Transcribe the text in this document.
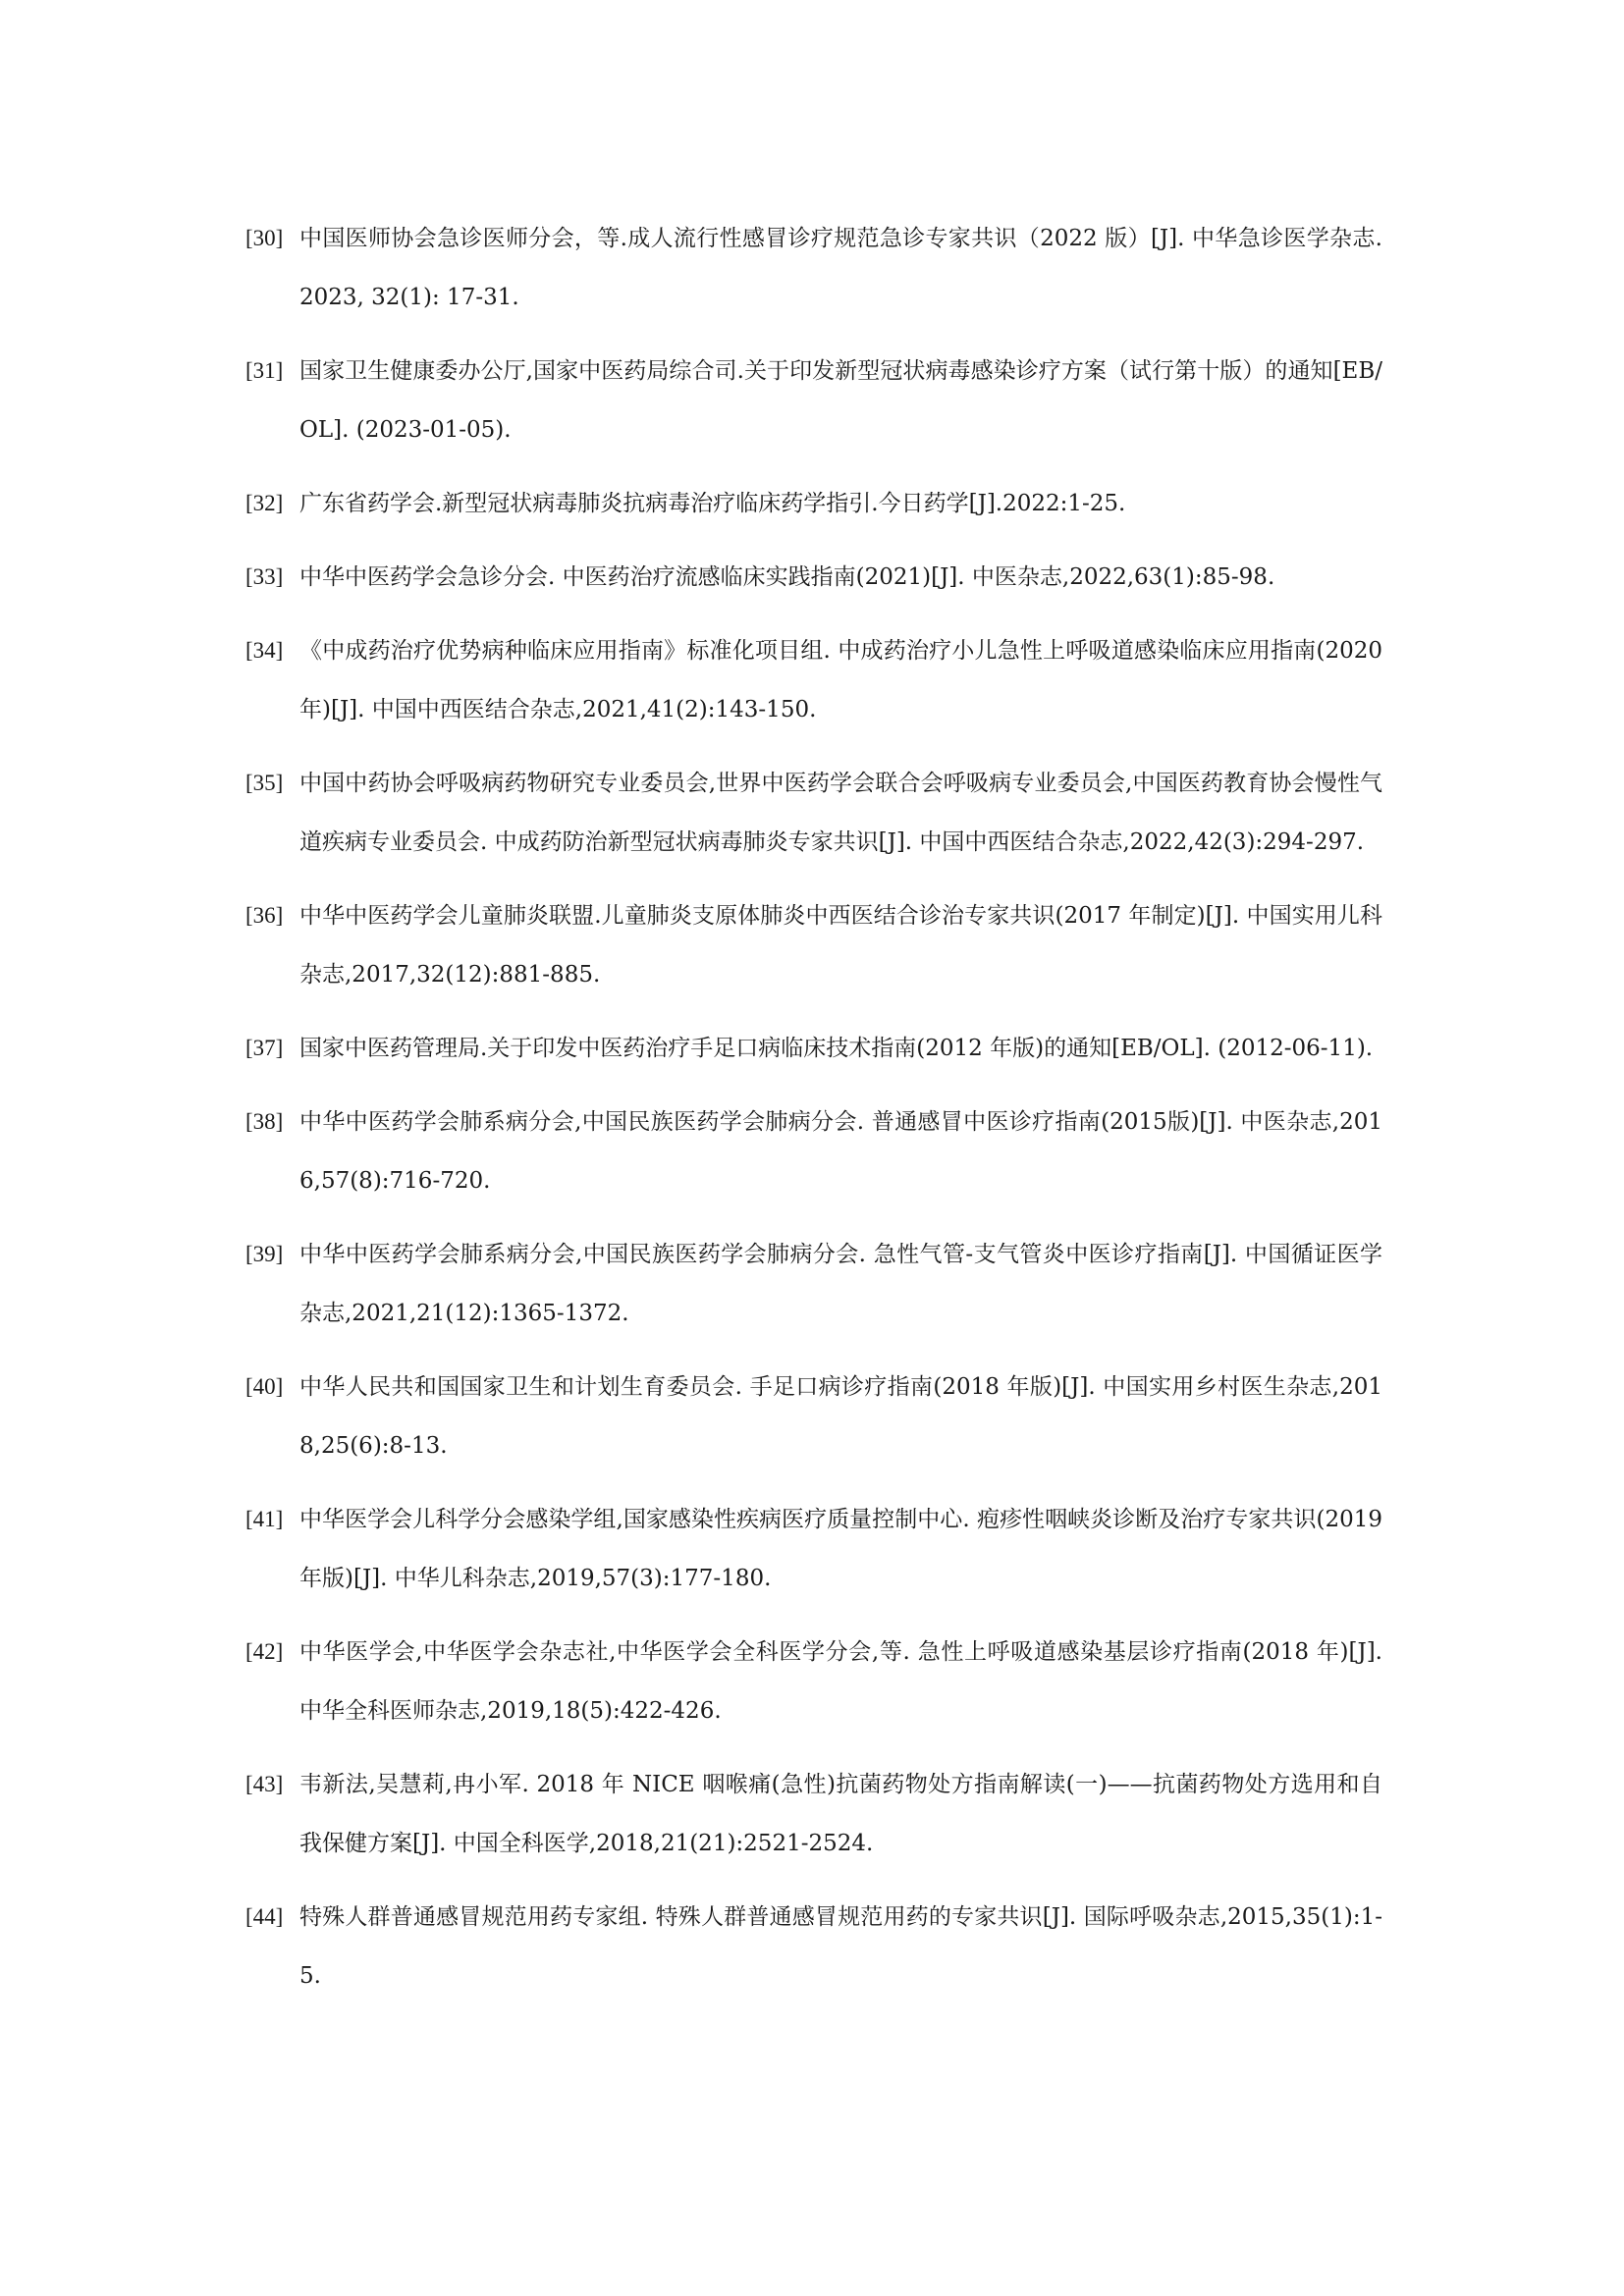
[30] 中国医师协会急诊医师分会，等.成人流行性感冒诊疗规范急诊专家共识（2022 版）[J]. 中华急诊医学杂志. 2023, 32(1): 17-31.
[31] 国家卫生健康委办公厅,国家中医药局综合司.关于印发新型冠状病毒感染诊疗方案（试行第十版）的通知[EB/OL]. (2023-01-05).
[32] 广东省药学会.新型冠状病毒肺炎抗病毒治疗临床药学指引.今日药学[J].2022:1-25.
[33] 中华中医药学会急诊分会. 中医药治疗流感临床实践指南(2021)[J]. 中医杂志,2022,63(1):85-98.
[34] 《中成药治疗优势病种临床应用指南》标准化项目组. 中成药治疗小儿急性上呼吸道感染临床应用指南(2020 年)[J]. 中国中西医结合杂志,2021,41(2):143-150.
[35] 中国中药协会呼吸病药物研究专业委员会,世界中医药学会联合会呼吸病专业委员会,中国医药教育协会慢性气道疾病专业委员会. 中成药防治新型冠状病毒肺炎专家共识[J]. 中国中西医结合杂志,2022,42(3):294-297.
[36] 中华中医药学会儿童肺炎联盟.儿童肺炎支原体肺炎中西医结合诊治专家共识(2017 年制定)[J]. 中国实用儿科杂志,2017,32(12):881-885.
[37] 国家中医药管理局.关于印发中医药治疗手足口病临床技术指南(2012 年版)的通知[EB/OL]. (2012-06-11).
[38] 中华中医药学会肺系病分会,中国民族医药学会肺病分会. 普通感冒中医诊疗指南(2015版)[J]. 中医杂志,2016,57(8):716-720.
[39] 中华中医药学会肺系病分会,中国民族医药学会肺病分会. 急性气管-支气管炎中医诊疗指南[J]. 中国循证医学杂志,2021,21(12):1365-1372.
[40] 中华人民共和国国家卫生和计划生育委员会. 手足口病诊疗指南(2018 年版)[J]. 中国实用乡村医生杂志,2018,25(6):8-13.
[41] 中华医学会儿科学分会感染学组,国家感染性疾病医疗质量控制中心. 疱疹性咽峡炎诊断及治疗专家共识(2019 年版)[J]. 中华儿科杂志,2019,57(3):177-180.
[42] 中华医学会,中华医学会杂志社,中华医学会全科医学分会,等. 急性上呼吸道感染基层诊疗指南(2018 年)[J]. 中华全科医师杂志,2019,18(5):422-426.
[43] 韦新法,吴慧莉,冉小军. 2018 年 NICE 咽喉痛(急性)抗菌药物处方指南解读(一)——抗菌药物处方选用和自我保健方案[J]. 中国全科医学,2018,21(21):2521-2524.
[44] 特殊人群普通感冒规范用药专家组. 特殊人群普通感冒规范用药的专家共识[J]. 国际呼吸杂志,2015,35(1):1-5.
